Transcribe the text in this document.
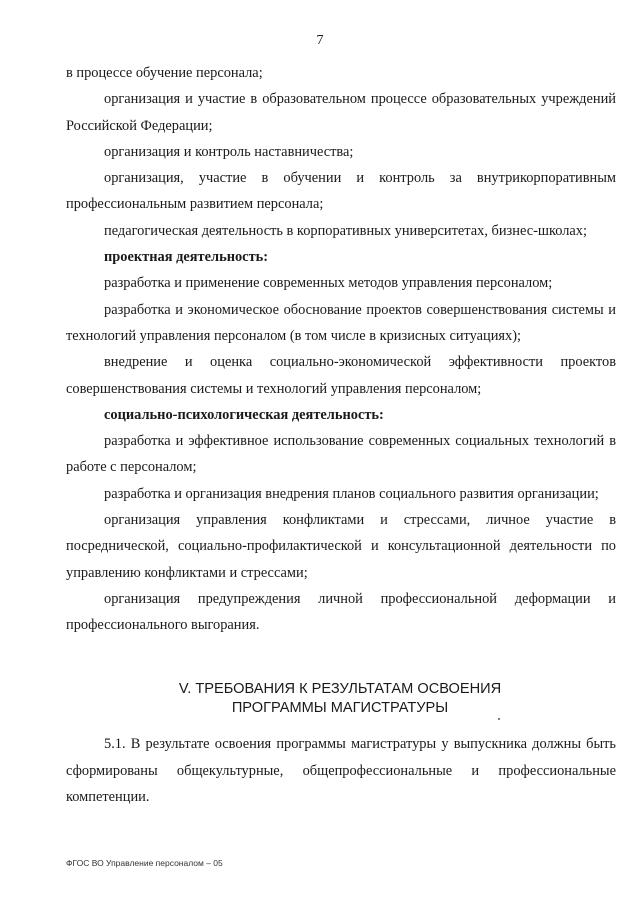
7

в процессе обучение персонала;

организация и участие в образовательном процессе образовательных учреждений Российской Федерации;

организация и контроль наставничества;

организация, участие в обучении и контроль за внутрикорпоративным профессиональным развитием персонала;

педагогическая деятельность в корпоративных университетах, бизнес-школах;

проектная деятельность:

разработка и применение современных методов управления персоналом;

разработка и экономическое обоснование проектов совершенствования системы и технологий управления персоналом (в том числе в кризисных ситуациях);

внедрение и оценка социально-экономической эффективности проектов совершенствования системы и технологий управления персоналом;

социально-психологическая деятельность:

разработка и эффективное использование современных социальных технологий в работе с персоналом;

разработка и организация внедрения планов социального развития организации;

организация управления конфликтами и стрессами, личное участие в посреднической, социально-профилактической и консультационной деятельности по управлению конфликтами и стрессами;

организация предупреждения личной профессиональной деформации и профессионального выгорания.

V. ТРЕБОВАНИЯ К РЕЗУЛЬТАТАМ ОСВОЕНИЯ
ПРОГРАММЫ МАГИСТРАТУРЫ

5.1. В результате освоения программы магистратуры у выпускника должны быть сформированы общекультурные, общепрофессиональные и профессиональные компетенции.

ФГОС ВО Управление персоналом – 05
